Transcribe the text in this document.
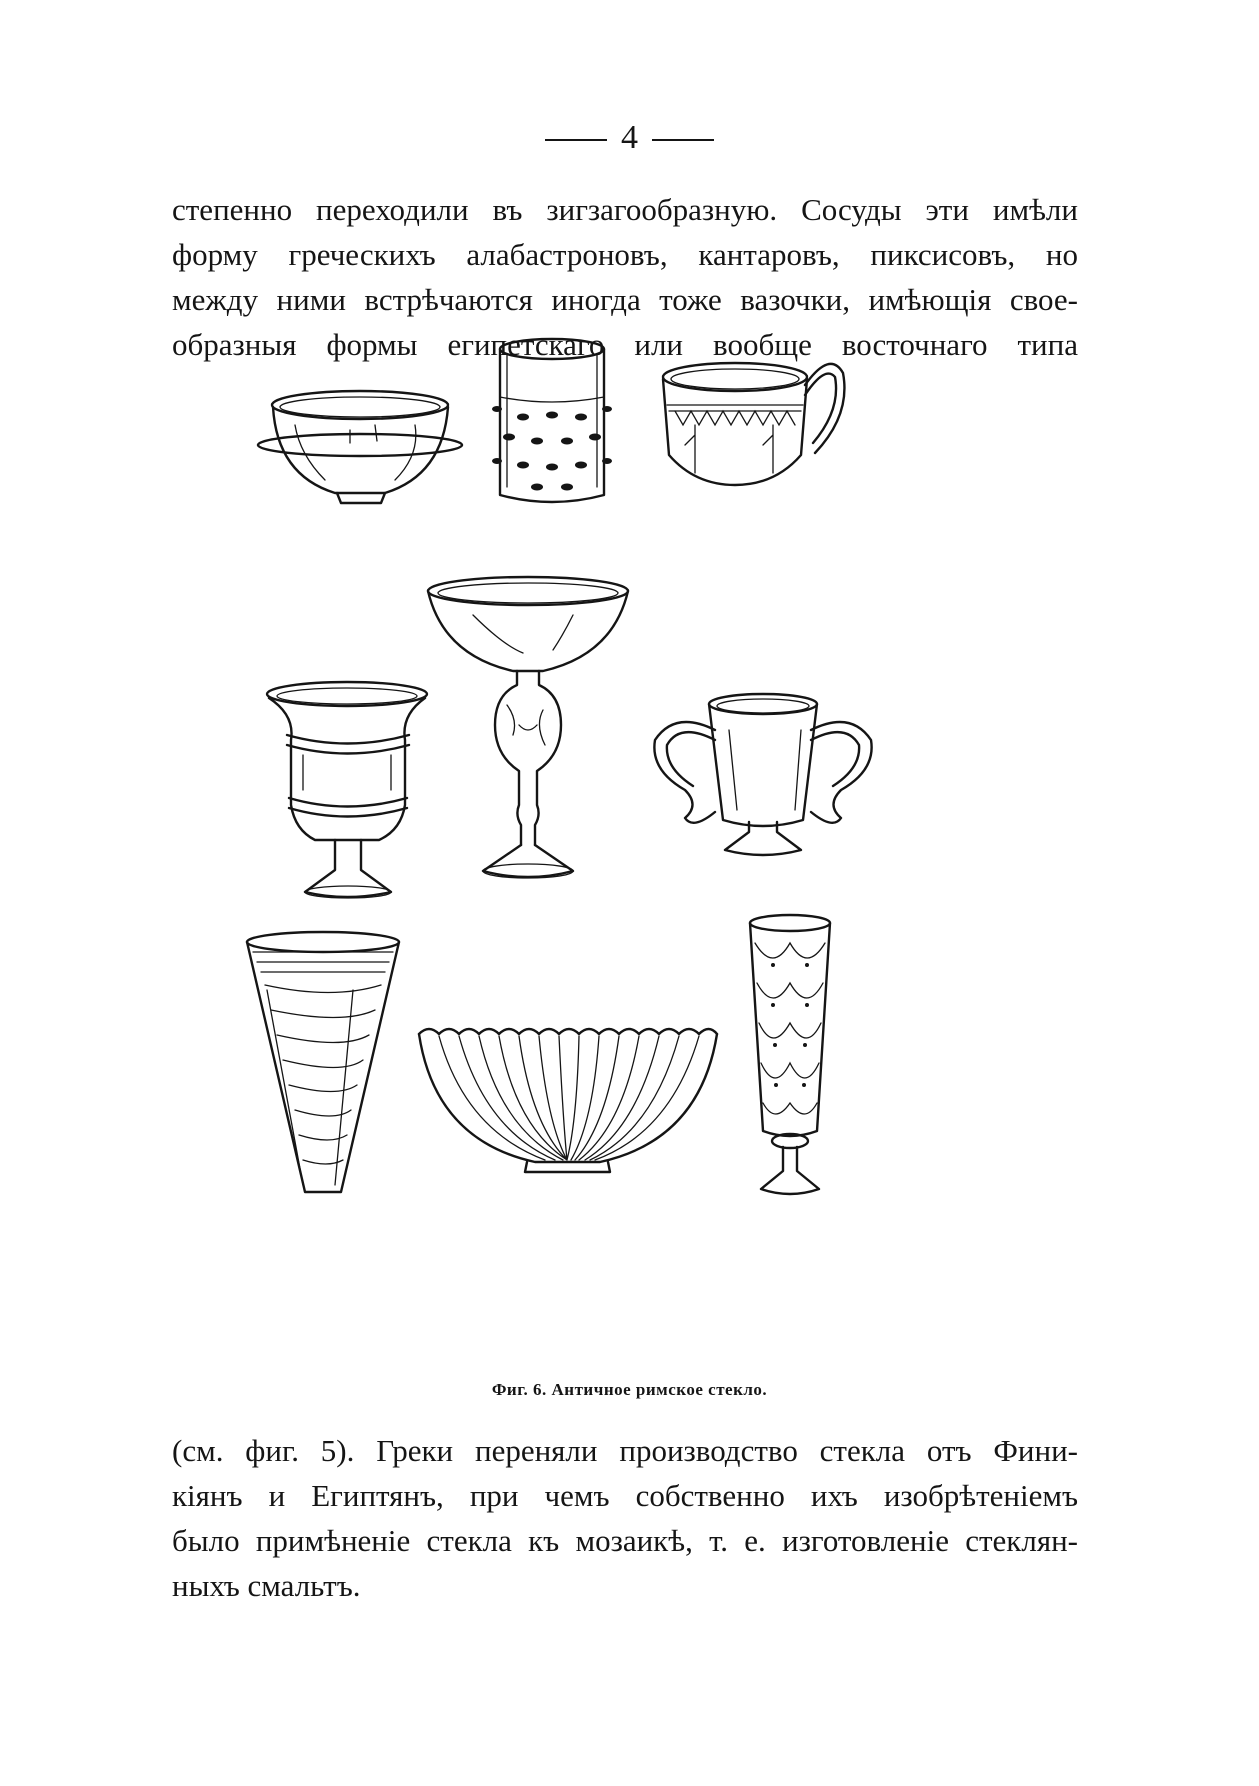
4
степенно переходили въ зигзагообразную. Сосуды эти имѣли
форму греческихъ алабастроновъ, кантаровъ, пиксисовъ, но
между ними встрѣчаются иногда тоже вазочки, имѣющія свое-
образныя формы египетскаго или вообще восточнаго типа
Фиг. 6. Античное римское стекло.
(см. фиг. 5). Греки переняли производство стекла отъ Фини-
кіянъ и Египтянъ, при чемъ собственно ихъ изобрѣтеніемъ
было примѣненіе стекла къ мозаикѣ, т. е. изготовленіе стеклян-
ныхъ смальтъ.
